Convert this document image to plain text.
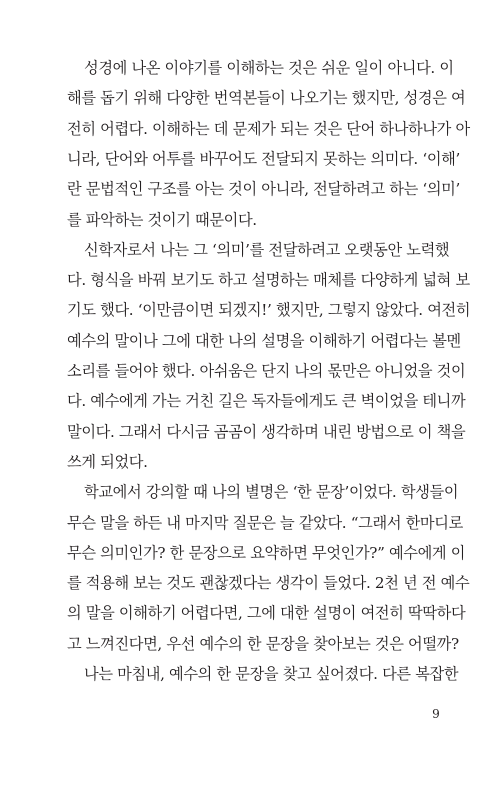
성경에 나온 이야기를 이해하는 것은 쉬운 일이 아니다. 이
해를 돕기 위해 다양한 번역본들이 나오기는 했지만, 성경은 여
전히 어렵다. 이해하는 데 문제가 되는 것은 단어 하나하나가 아
니라, 단어와 어투를 바꾸어도 전달되지 못하는 의미다. ‘이해’
란 문법적인 구조를 아는 것이 아니라, 전달하려고 하는 ‘의미’
를 파악하는 것이기 때문이다.
신학자로서 나는 그 ‘의미’를 전달하려고 오랫동안 노력했
다. 형식을 바꿔 보기도 하고 설명하는 매체를 다양하게 넓혀 보
기도 했다. ‘이만큼이면 되겠지!’ 했지만, 그렇지 않았다. 여전히
예수의 말이나 그에 대한 나의 설명을 이해하기 어렵다는 볼멘
소리를 들어야 했다. 아쉬움은 단지 나의 몫만은 아니었을 것이
다. 예수에게 가는 거친 길은 독자들에게도 큰 벽이었을 테니까
말이다. 그래서 다시금 곰곰이 생각하며 내린 방법으로 이 책을
쓰게 되었다.
학교에서 강의할 때 나의 별명은 ‘한 문장’이었다. 학생들이
무슨 말을 하든 내 마지막 질문은 늘 같았다. “그래서 한마디로
무슨 의미인가? 한 문장으로 요약하면 무엇인가?” 예수에게 이
를 적용해 보는 것도 괜찮겠다는 생각이 들었다. 2천 년 전 예수
의 말을 이해하기 어렵다면, 그에 대한 설명이 여전히 딱딱하다
고 느껴진다면, 우선 예수의 한 문장을 찾아보는 것은 어떨까?
나는 마침내, 예수의 한 문장을 찾고 싶어졌다. 다른 복잡한
9
